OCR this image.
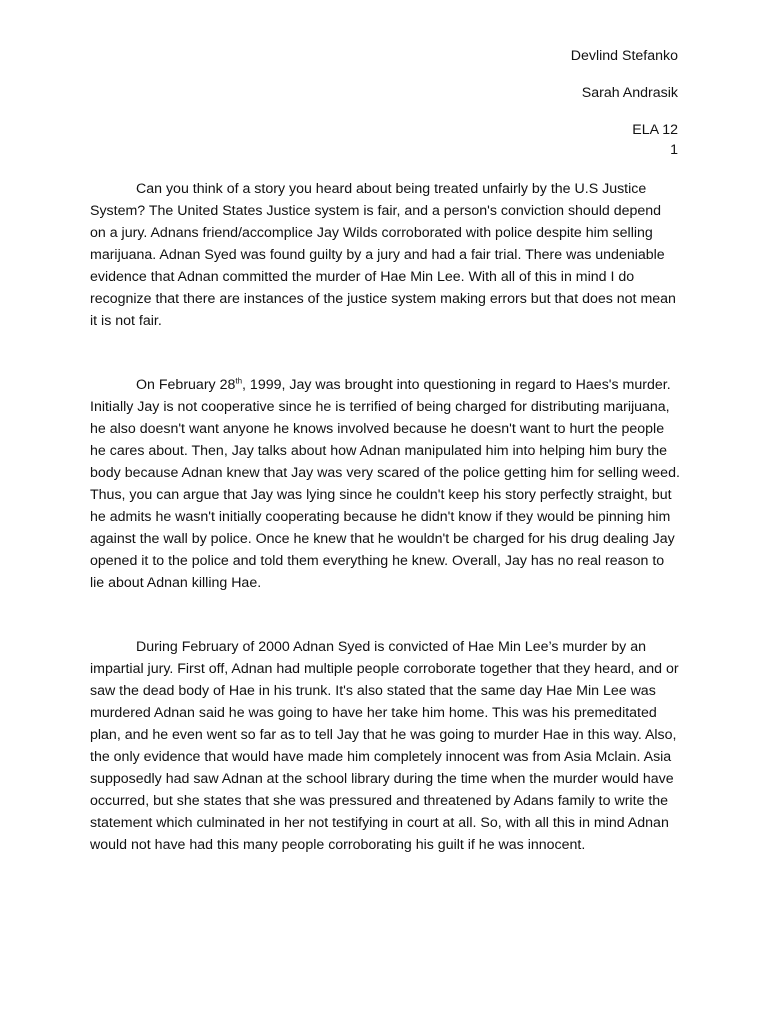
Devlind Stefanko
Sarah Andrasik
ELA 12
1

Can you think of a story you heard about being treated unfairly by the U.S Justice System? The United States Justice system is fair, and a person's conviction should depend on a jury. Adnans friend/accomplice Jay Wilds corroborated with police despite him selling marijuana. Adnan Syed was found guilty by a jury and had a fair trial. There was undeniable evidence that Adnan committed the murder of Hae Min Lee. With all of this in mind I do recognize that there are instances of the justice system making errors but that does not mean it is not fair.

On February 28th, 1999, Jay was brought into questioning in regard to Haes's murder. Initially Jay is not cooperative since he is terrified of being charged for distributing marijuana, he also doesn't want anyone he knows involved because he doesn't want to hurt the people he cares about. Then, Jay talks about how Adnan manipulated him into helping him bury the body because Adnan knew that Jay was very scared of the police getting him for selling weed. Thus, you can argue that Jay was lying since he couldn't keep his story perfectly straight, but he admits he wasn't initially cooperating because he didn't know if they would be pinning him against the wall by police. Once he knew that he wouldn't be charged for his drug dealing Jay opened it to the police and told them everything he knew. Overall, Jay has no real reason to lie about Adnan killing Hae.

During February of 2000 Adnan Syed is convicted of Hae Min Lee’s murder by an impartial jury. First off, Adnan had multiple people corroborate together that they heard, and or saw the dead body of Hae in his trunk. It's also stated that the same day Hae Min Lee was murdered Adnan said he was going to have her take him home. This was his premeditated plan, and he even went so far as to tell Jay that he was going to murder Hae in this way. Also, the only evidence that would have made him completely innocent was from Asia Mclain. Asia supposedly had saw Adnan at the school library during the time when the murder would have occurred, but she states that she was pressured and threatened by Adans family to write the statement which culminated in her not testifying in court at all. So, with all this in mind Adnan would not have had this many people corroborating his guilt if he was innocent.
